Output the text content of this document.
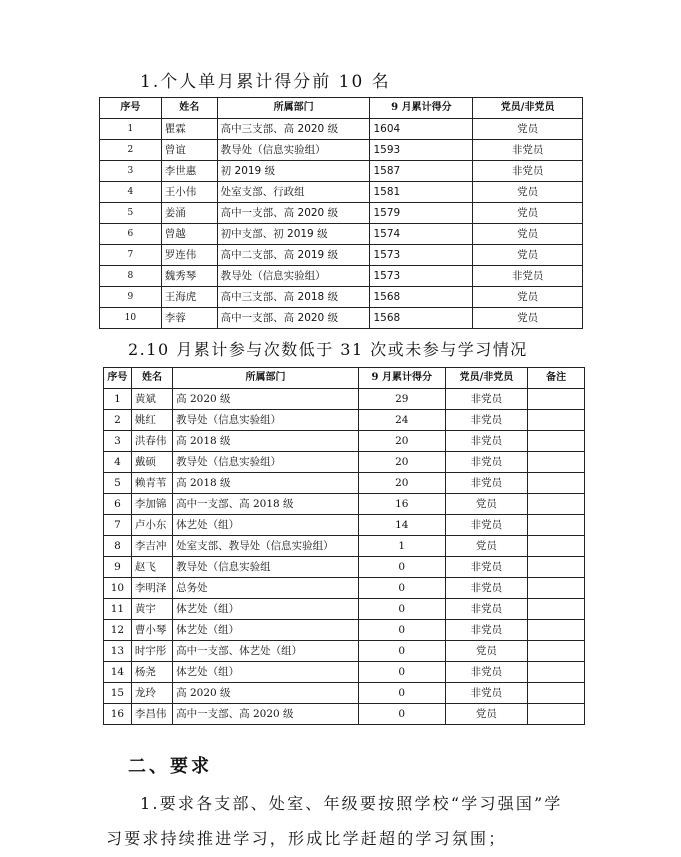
1.个人单月累计得分前 10 名
序号	姓名	所属部门	9 月累计得分	党员/非党员
1	瞿霖	高中三支部、高 2020 级	1604	党员
2	曾谊	教导处（信息实验组）	1593	非党员
3	李世惠	初 2019 级	1587	非党员
4	王小伟	处室支部、行政组	1581	党员
5	姜涌	高中一支部、高 2020 级	1579	党员
6	曾越	初中支部、初 2019 级	1574	党员
7	罗连伟	高中二支部、高 2019 级	1573	党员
8	魏秀琴	教导处（信息实验组）	1573	非党员
9	王海虎	高中三支部、高 2018 级	1568	党员
10	李蓉	高中一支部、高 2020 级	1568	党员
2.10 月累计参与次数低于 31 次或未参与学习情况
序号	姓名	所属部门	9 月累计得分	党员/非党员	备注
1	黄斌	高 2020 级	29	非党员	
2	姚红	教导处（信息实验组）	24	非党员	
3	洪春伟	高 2018 级	20	非党员	
4	戴硕	教导处（信息实验组）	20	非党员	
5	赖青苇	高 2018 级	20	非党员	
6	李加锦	高中一支部、高 2018 级	16	党员	
7	卢小东	体艺处（组）	14	非党员	
8	李吉冲	处室支部、教导处（信息实验组）	1	党员	
9	赵飞	教导处（信息实验组	0	非党员	
10	李明泽	总务处	0	非党员	
11	黄宇	体艺处（组）	0	非党员	
12	曹小琴	体艺处（组）	0	非党员	
13	时宇彤	高中一支部、体艺处（组）	0	党员	
14	杨尧	体艺处（组）	0	非党员	
15	龙玲	高 2020 级	0	非党员	
16	李昌伟	高中一支部、高 2020 级	0	党员	
二、要求
1.要求各支部、处室、年级要按照学校“学习强国”学
习要求持续推进学习，形成比学赶超的学习氛围；
